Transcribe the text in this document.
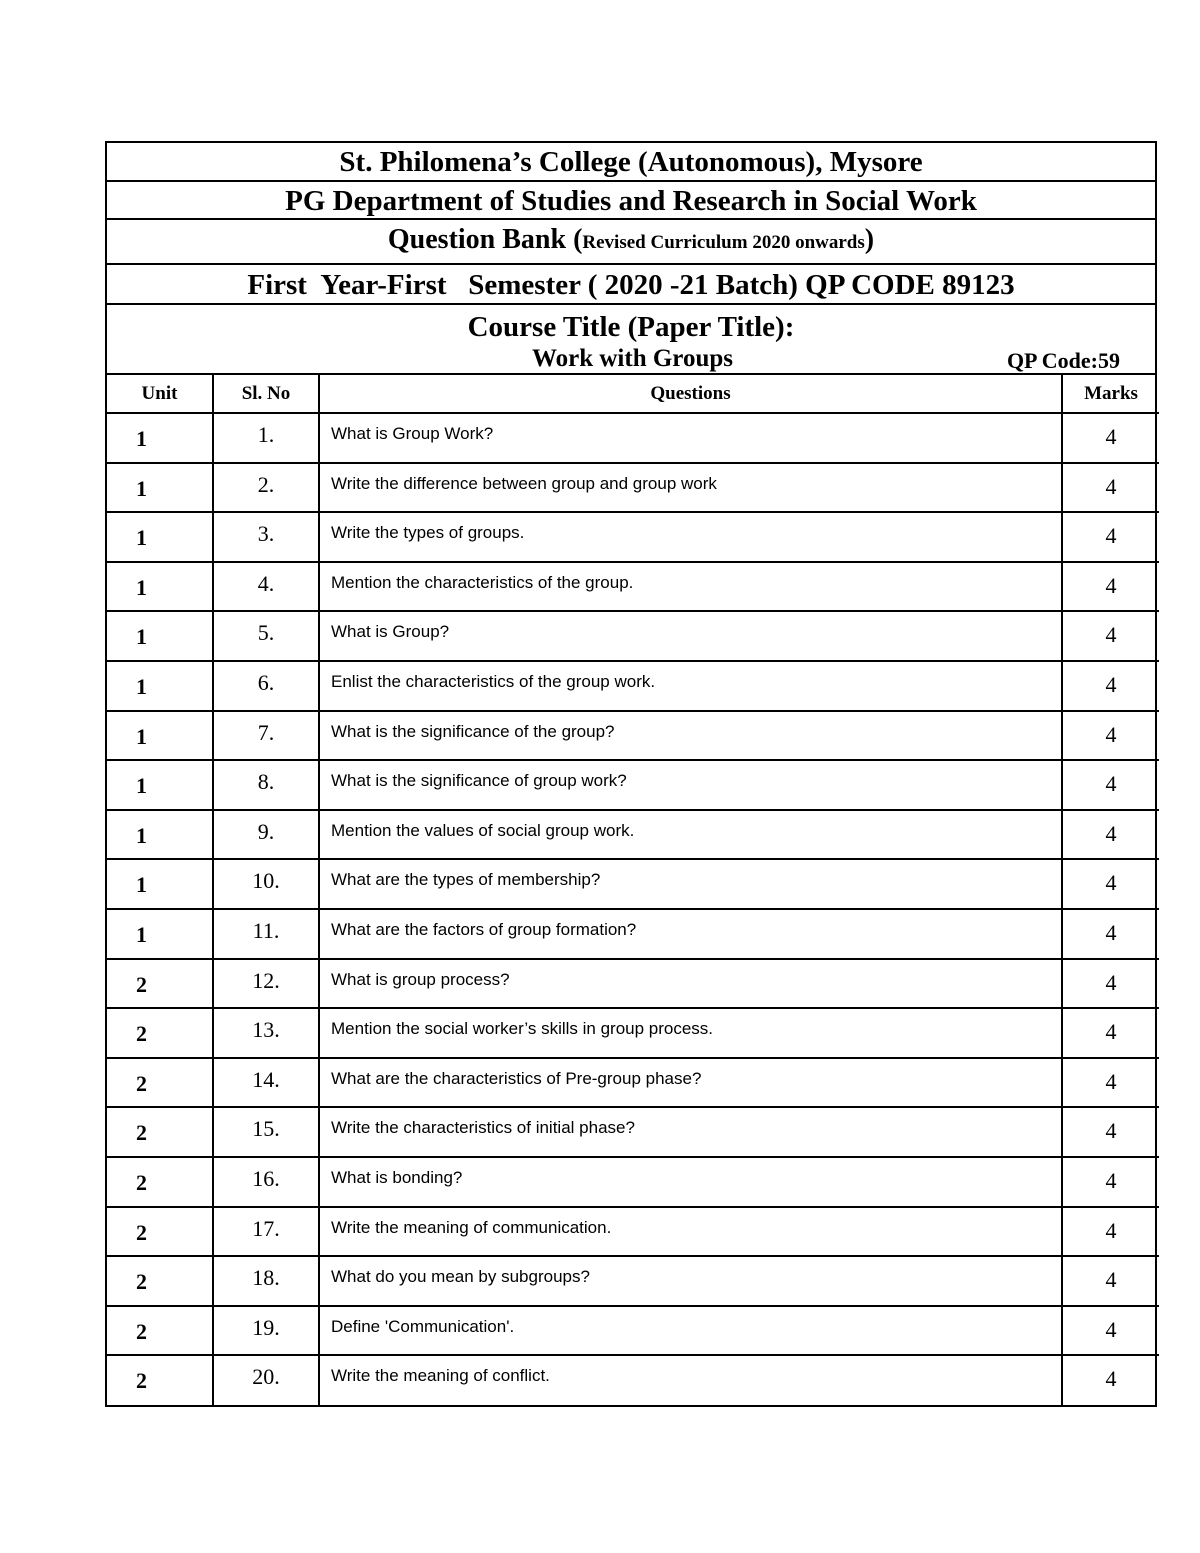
St. Philomena’s College (Autonomous), Mysore
PG Department of Studies and Research in Social Work
Question Bank (Revised Curriculum 2020 onwards)
First  Year-First   Semester ( 2020 -21 Batch) QP CODE 89123
Course Title (Paper Title):
Work with Groups	QP Code:59
Unit	Sl. No	Questions	Marks
1	1.	What is Group Work?	4
1	2.	Write the difference between group and group work	4
1	3.	Write the types of groups.	4
1	4.	Mention the characteristics of the group.	4
1	5.	What is Group?	4
1	6.	Enlist the characteristics of the group work.	4
1	7.	What is the significance of the group?	4
1	8.	What is the significance of group work?	4
1	9.	Mention the values of social group work.	4
1	10.	What are the types of membership?	4
1	11.	What are the factors of group formation?	4
2	12.	What is group process?	4
2	13.	Mention the social worker’s skills in group process.	4
2	14.	What are the characteristics of Pre-group phase?	4
2	15.	Write the characteristics of initial phase?	4
2	16.	What is bonding?	4
2	17.	Write the meaning of communication.	4
2	18.	What do you mean by subgroups?	4
2	19.	Define 'Communication'.	4
2	20.	Write the meaning of conflict.	4
